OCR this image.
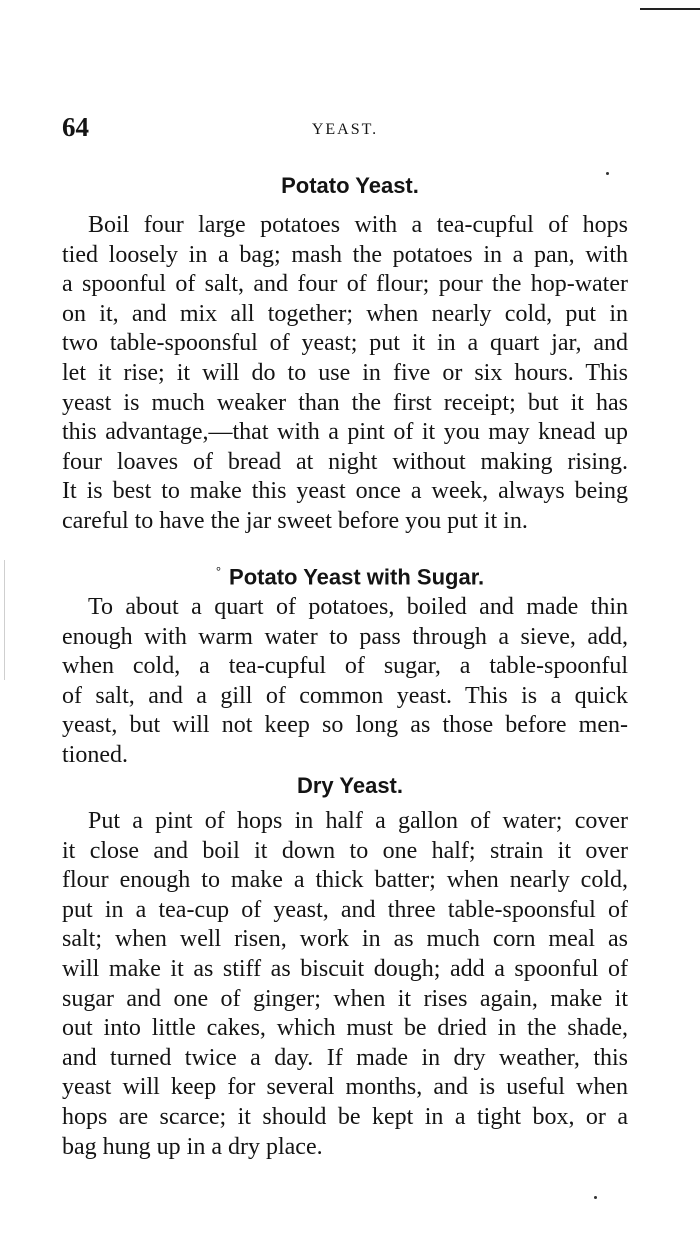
64	YEAST.
Potato Yeast.
Boil four large potatoes with a tea-cupful of hops
tied loosely in a bag; mash the potatoes in a pan, with
a spoonful of salt, and four of flour; pour the hop-water
on it, and mix all together; when nearly cold, put in
two table-spoonsful of yeast; put it in a quart jar, and
let it rise; it will do to use in five or six hours. This
yeast is much weaker than the first receipt; but it has
this advantage,—that with a pint of it you may knead up
four loaves of bread at night without making rising.
It is best to make this yeast once a week, always being
careful to have the jar sweet before you put it in.
° Potato Yeast with Sugar.
To about a quart of potatoes, boiled and made thin
enough with warm water to pass through a sieve, add,
when cold, a tea-cupful of sugar, a table-spoonful
of salt, and a gill of common yeast. This is a quick
yeast, but will not keep so long as those before men-
tioned.
Dry Yeast.
Put a pint of hops in half a gallon of water; cover
it close and boil it down to one half; strain it over
flour enough to make a thick batter; when nearly cold,
put in a tea-cup of yeast, and three table-spoonsful of
salt; when well risen, work in as much corn meal as
will make it as stiff as biscuit dough; add a spoonful of
sugar and one of ginger; when it rises again, make it
out into little cakes, which must be dried in the shade,
and turned twice a day. If made in dry weather, this
yeast will keep for several months, and is useful when
hops are scarce; it should be kept in a tight box, or a
bag hung up in a dry place.
